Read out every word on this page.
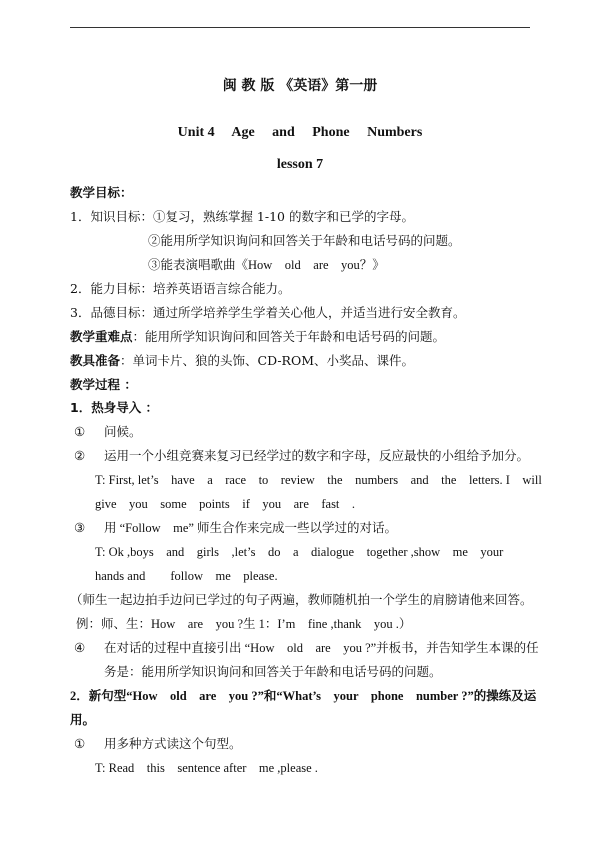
闽 教 版 《英语》第一册
Unit 4     Age     and     Phone     Numbers
lesson 7
教学目标：
1．知识目标：①复习，熟练掌握 1-10 的数字和已学的字母。
②能用所学知识询问和回答关于年龄和电话号码的问题。
③能表演唱歌曲《How    old    are    you？》
2．能力目标：培养英语语言综合能力。
3．品德目标：通过所学培养学生学着关心他人，并适当进行安全教育。
教学重难点：能用所学知识询问和回答关于年龄和电话号码的问题。
教具准备：单词卡片、狼的头饰、CD-ROM、小奖品、课件。
教学过程 ：
1．热身导入 ：
① 问候。
② 运用一个小组竞赛来复习已经学过的数字和字母，反应最快的小组给予加分。
T: First, let’s    have    a    race    to    review    the    numbers    and    the    letters. I    will
give    you    some    points    if    you    are    fast    .
③ 用 “Follow    me” 师生合作来完成一些以学过的对话。
T: Ok ,boys    and    girls    ,let’s    do    a    dialogue    together ,show    me    your
hands and        follow    me    please.
（师生一起边拍手边问已学过的句子两遍，教师随机拍一个学生的肩膀请他来回答。
例：师、生：How    are    you ?生 1：I’m    fine ,thank    you .）
④ 在对话的过程中直接引出 “How    old    are    you ?”并板书，并告知学生本课的任
务是：能用所学知识询问和回答关于年龄和电话号码的问题。
2．新句型“How    old    are    you ?”和“What’s    your    phone    number ?”的操练及运
用。
① 用多种方式读这个句型。
T: Read    this    sentence after    me ,please .
